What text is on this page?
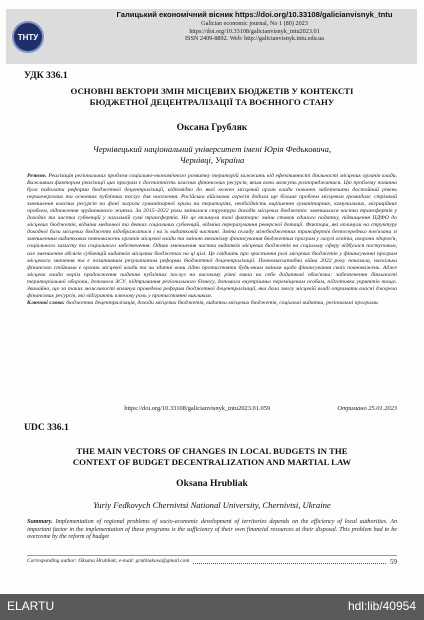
ТНТУ
Галицький економічний вісник https://doi.org/10.33108/galicianvisnyk_tntu
Galician economic journal, No 1 (80) 2023
https://doi.org/10.33108/galicianvisnyk_tntu2023.01
ISSN 2409-8892. Web: http://galicianvisnyk.tntu.edu.ua
УДК 336.1
ОСНОВНІ ВЕКТОРИ ЗМІН МІСЦЕВИХ БЮДЖЕТІВ У КОНТЕКСТІ
БЮДЖЕТНОЇ ДЕЦЕНТРАЛІЗАЦІЇ ТА ВОЄННОГО СТАНУ
Оксана Грубляк
Чернівецький національний університет імені Юрія Федьковича,
Чернівці, Україна

Резюме. Реалізація регіональних проблем соціально-економічного розвитку територій залежить від ефективності діяльності місцевих органів влади. Важливим фактором реалізації цих програм є достатність власних фінансових ресурсів, яким вони можуть розпоряджатися. Цю проблему повинна була подолати реформа бюджетної децентралізації, відповідно до якої кожен місцевий орган влади повинен забезпечити достойний рівень першочергових та основних публічних послуг для населення. Російська військова агресія додала ще більше проблем місцевим громадам: стрімкий зменшення власних ресурсів на фоні загрози гуманітарної кризи на територіях, необхідність вирішення гуманітарних, комунальних, міграційних проблем, відновлення зруйнованого житла. За 2015–2022 роки змінилася структура доходів місцевих бюджетів: зменшилася частка трансфертів у доходах та частка субвенцій у загальній сумі трансфертів. Не це вплинули такі фактори: зміни ставок єдиного податку, підвищення ПДФО до місцевих бюджетів, відміна медичної та деяких соціальних субвенцій, відміна перерахування реверсної дотації. Фактори, які вплинули на структуру доходної бази місцевих бюджетів відображатися і на їх видатковій частині. Зміни складу міжбюджетних трансфертів безпосередньо пов'язана зі зменшенням видаткових повноважень органів місцевої влади та зміною механізму фінансування бюджетних програм у галузі освіти, охорони здоров'я, соціального захисту та соціального забезпечення. Однак зменшення частки видатків місцевих бюджетів на соціальну сферу відбулася поступовим, але зменшення обсягів субвенцій видатків місцевих бюджетах на ці цілі. Це свідчить про зростання ролі місцевих бюджетів у фінансуванні програм місцевого значення та є позитивним результатом реформи бюджетної децентралізації. Повномасштабна війна 2022 року показала, наскільки фінансово стійкими є органи місцевої влади та чи здатні вони гідно протистояти будь-яким змінам щодо фінансування своїх повноважень. Адже місцева влада окрім продовження надання публічних послуг на високому рівні взяла на себе додаткові обов'язки: забезпечення діяльності територіальної оборони, допомога ЗСУ, підтримання регіонального бізнесу, допомога внутрішньо переміщеним особам, підготовка укриттів тощо. Звичайно, що за таких можливості вплинуа проведена реформа бюджетної децентралізації, яка дала змогу місцевій владі отримати власні джерела фінансових ресурсів, які відіграють ключову роль у протистоянні викликам.
Ключові слова: бюджетна децентралізація, доходи місцевих бюджетів, видатки місцевих бюджетів, соціальні видатки, регіональні програми.

https://doi.org/10.33108/galicianvisnyk_tntu2023.01.059	Отримано 25.01.2023
UDC 336.1
THE MAIN VECTORS OF CHANGES IN LOCAL BUDGETS IN THE
CONTEXT OF BUDGET DECENTRALIZATION AND MARTIAL LAW
Oksana Hrubliak
Yuriy Fedkovych Chernivtsi National University, Chernivtsi, Ukraine

Summary. Implementation of regional problems of socio-economic development of territories depends on the efficiency of local authorities. An important factor in the implementation of these programs is the sufficiency of their own financial resources at their disposal. This problem had to be overcome by the reform of budget

Corresponding author: Oksana Hrubliak; e-mail: grubliakoxa@gmail.com	59
ELARTU	hdl:lib/40954
